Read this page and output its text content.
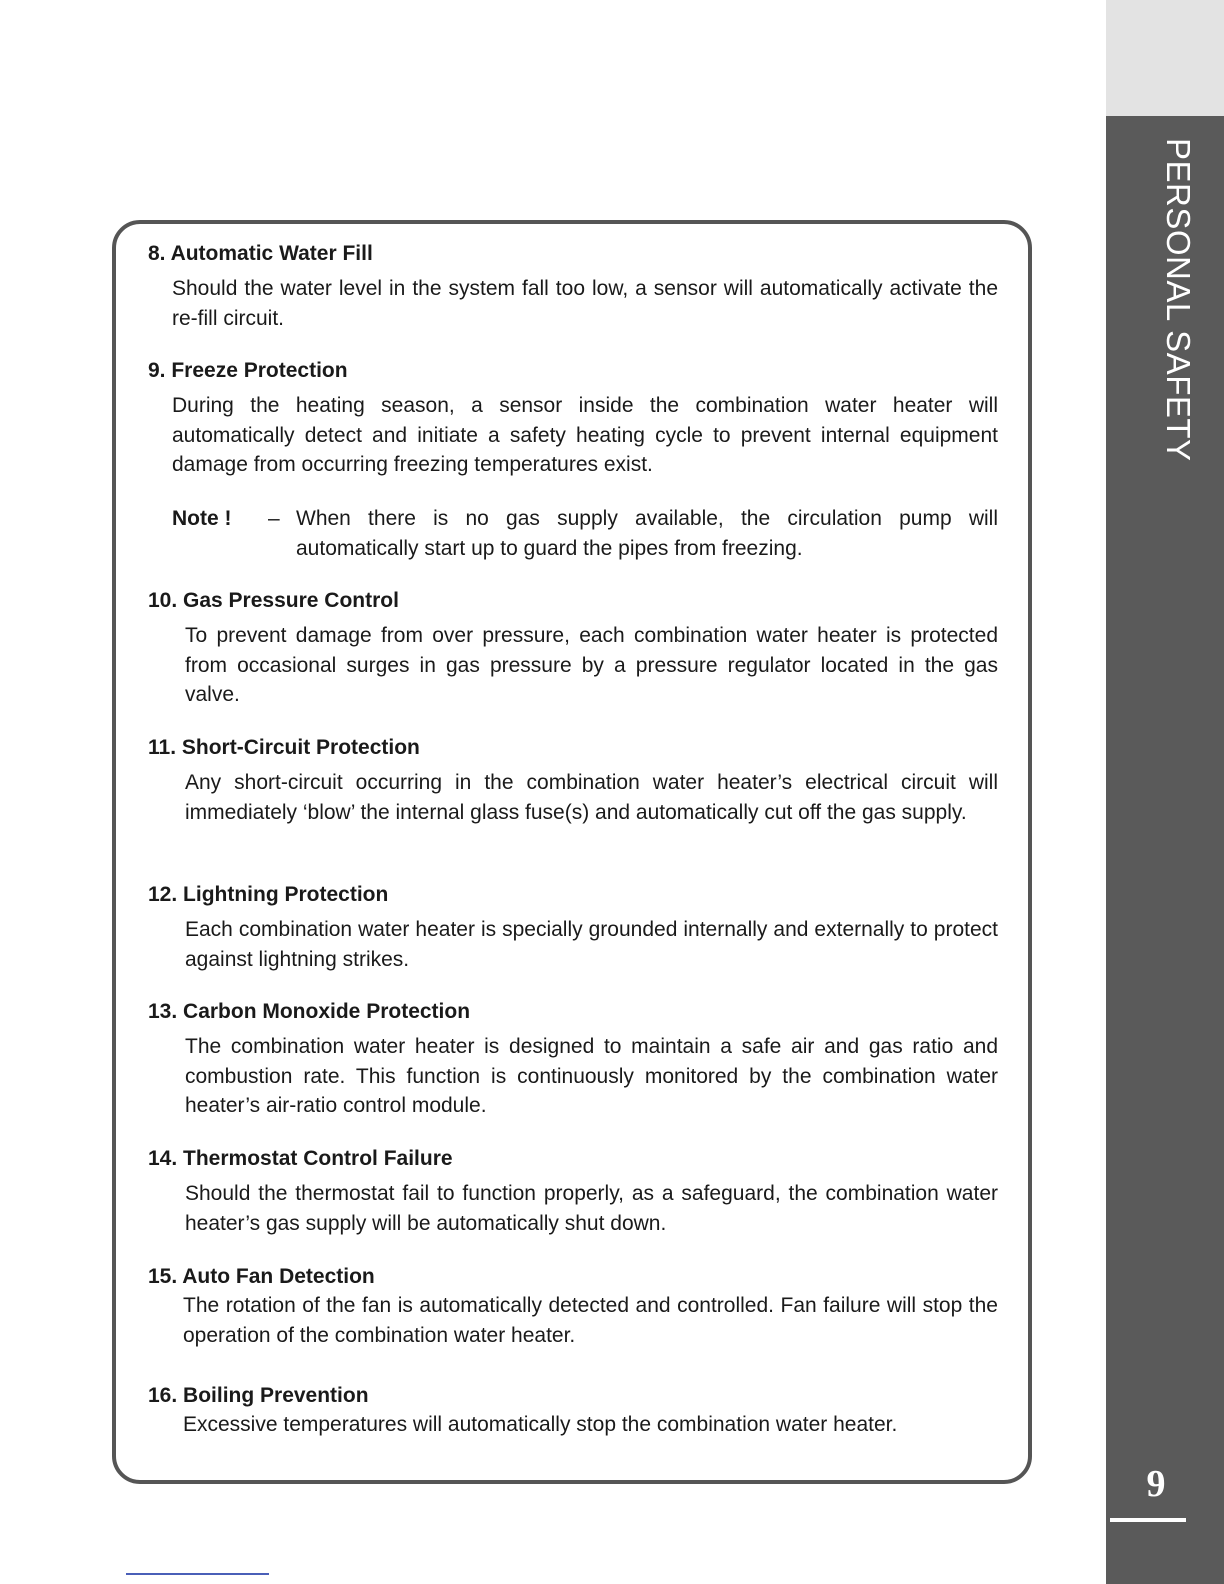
PERSONAL SAFETY
9

8. Automatic Water Fill

Should the water level in the system fall too low, a sensor will automatically activate the re-fill circuit.

9. Freeze Protection

During the heating season, a sensor inside the combination water heater will automatically detect and initiate a safety heating cycle to prevent internal equipment damage from occurring freezing temperatures exist.

Note ! – When there is no gas supply available, the circulation pump will automatically start up to guard the pipes from freezing.

10. Gas Pressure Control

To prevent damage from over pressure, each combination water heater is protected from occasional surges in gas pressure by a pressure regulator located in the gas valve.

11. Short-Circuit Protection

Any short-circuit occurring in the combination water heater’s electrical circuit will immediately ‘blow’ the internal glass fuse(s) and automatically cut off the gas supply.

12. Lightning Protection

Each combination water heater is specially grounded internally and externally to protect against lightning strikes.

13. Carbon Monoxide Protection

The combination water heater is designed to maintain a safe air and gas ratio and combustion rate. This function is continuously monitored by the combination water heater’s air-ratio control module.

14. Thermostat Control Failure

Should the thermostat fail to function properly, as a safeguard, the combination water heater’s gas supply will be automatically shut down.

15. Auto Fan Detection

The rotation of the fan is automatically detected and controlled. Fan failure will stop the operation of the combination water heater.

16. Boiling Prevention

Excessive temperatures will automatically stop the combination water heater.
